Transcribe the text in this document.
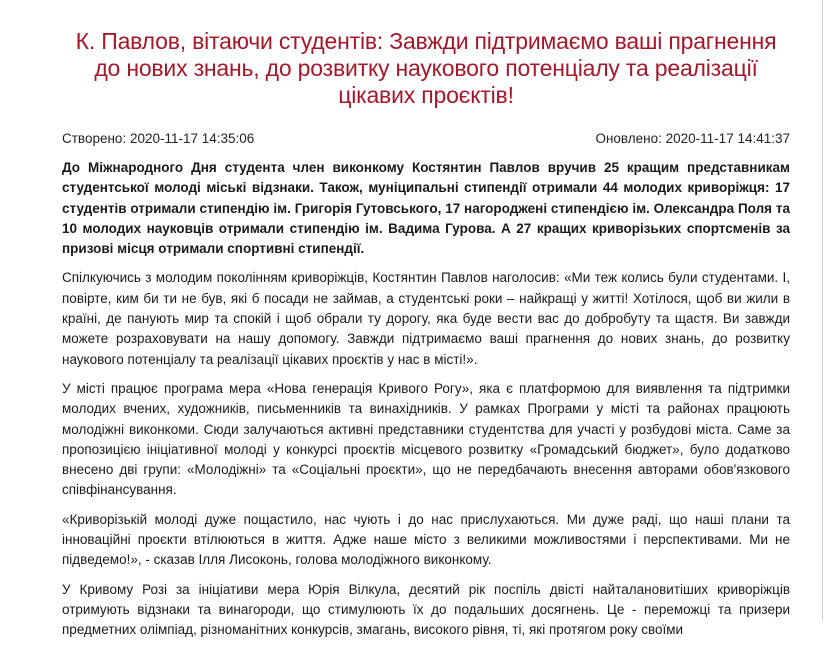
К. Павлов, вітаючи студентів: Завжди підтримаємо ваші прагнення до нових знань, до розвитку наукового потенціалу та реалізації цікавих проєктів!
Створено: 2020-11-17 14:35:06	Оновлено: 2020-11-17 14:41:37

До Міжнародного Дня студента член виконкому Костянтин Павлов вручив 25 кращим представникам студентської молоді міські відзнаки. Також, муніципальні стипендії отримали 44 молодих криворіжця: 17 студентів отримали стипендію ім. Григорія Гутовського, 17 нагороджені стипендією ім. Олександра Поля та 10 молодих науковців отримали стипендію ім. Вадима Гурова. А 27 кращих криворізьких спортсменів за призові місця отримали спортивні стипендії.

Спілкуючись з молодим поколінням криворіжців, Костянтин Павлов наголосив: «Ми теж колись були студентами. І, повірте, ким би ти не був, які б посади не займав, а студентські роки – найкращі у житті! Хотілося, щоб ви жили в країні, де панують мир та спокій і щоб обрали ту дорогу, яка буде вести вас до добробуту та щастя. Ви завжди можете розраховувати на нашу допомогу. Завжди підтримаємо ваші прагнення до нових знань, до розвитку наукового потенціалу та реалізації цікавих проєктів у нас в місті!».

У місті працює програма мера «Нова генерація Кривого Рогу», яка є платформою для виявлення та підтримки молодих вчених, художників, письменників та винахідників. У рамках Програми у місті та районах працюють молодіжні виконкоми. Сюди залучаються активні представники студентства для участі у розбудові міста. Саме за пропозицією ініціативної молоді у конкурсі проєктів місцевого розвитку «Громадський бюджет», було додатково внесено дві групи: «Молодіжні» та «Соціальні проєкти», що не передбачають внесення авторами обов'язкового співфінансування.

«Криворізькій молоді дуже пощастило, нас чують і до нас прислухаються. Ми дуже раді, що наші плани та інноваційні проєкти втілюються в життя. Адже наше місто з великими можливостями і перспективами. Ми не підведемо!», - сказав Ілля Лисоконь, голова молодіжного виконкому.

У Кривому Розі за ініціативи мера Юрія Вілкула, десятий рік поспіль двісті найталановитіших криворіжців отримують відзнаки та винагороди, що стимулюють їх до подальших досягнень. Це - переможці та призери предметних олімпіад, різноманітних конкурсів, змагань, високого рівня, ті, які протягом року своїми
